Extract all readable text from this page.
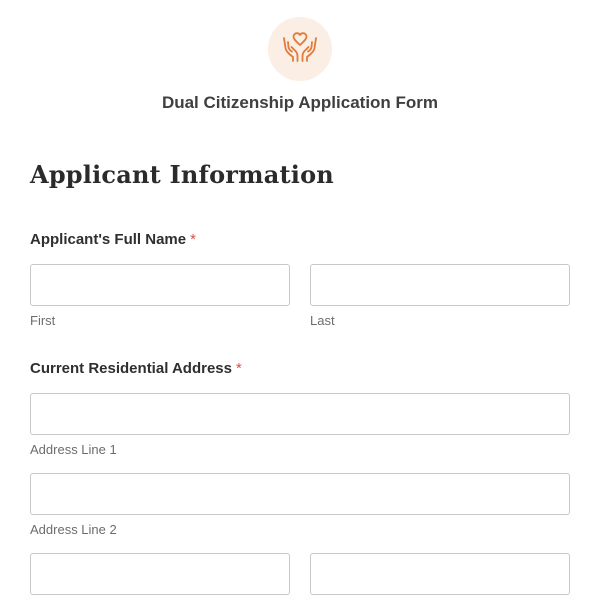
Dual Citizenship Application Form
Applicant Information
Applicant's Full Name *
First	Last
Current Residential Address *
Address Line 1
Address Line 2
